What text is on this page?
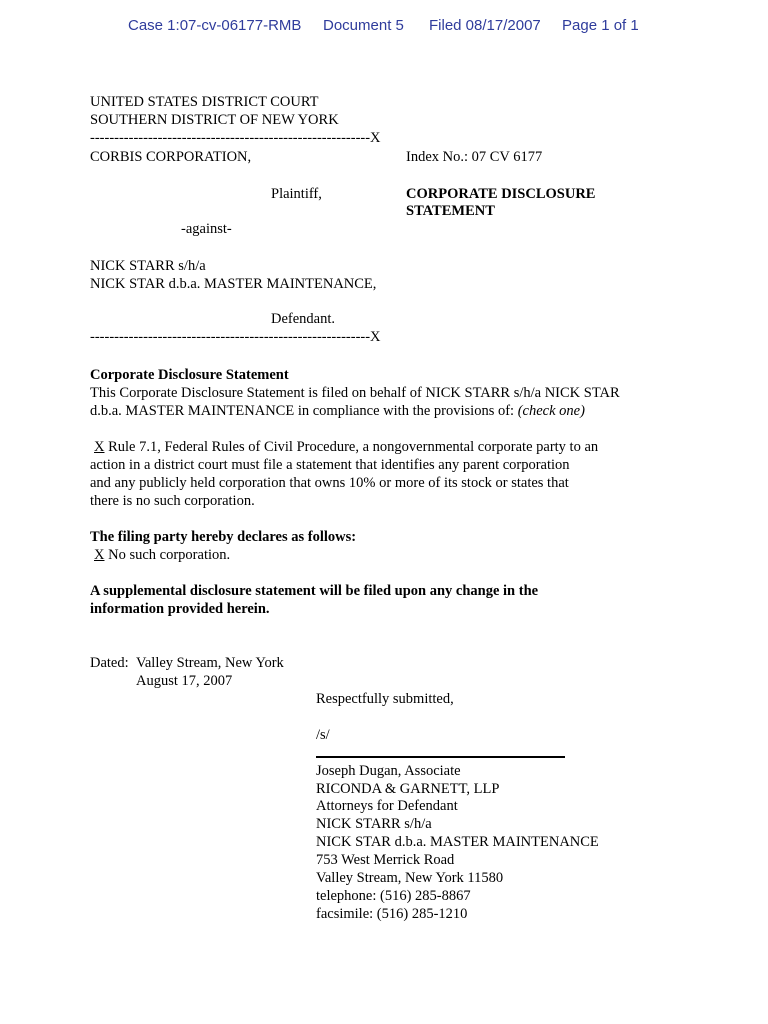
Case 1:07-cv-06177-RMB Document 5 Filed 08/17/2007 Page 1 of 1
UNITED STATES DISTRICT COURT
SOUTHERN DISTRICT OF NEW YORK
----------------------------------------------------------X
CORBIS CORPORATION,	Index No.: 07 CV 6177
Plaintiff,	CORPORATE DISCLOSURE
STATEMENT
-against-
NICK STARR s/h/a
NICK STAR d.b.a. MASTER MAINTENANCE,
Defendant.
----------------------------------------------------------X
Corporate Disclosure Statement
This Corporate Disclosure Statement is filed on behalf of NICK STARR s/h/a NICK STAR
d.b.a. MASTER MAINTENANCE in compliance with the provisions of: (check one)
X Rule 7.1, Federal Rules of Civil Procedure, a nongovernmental corporate party to an
action in a district court must file a statement that identifies any parent corporation
and any publicly held corporation that owns 10% or more of its stock or states that
there is no such corporation.
The filing party hereby declares as follows:
X No such corporation.
A supplemental disclosure statement will be filed upon any change in the
information provided herein.
Dated: Valley Stream, New York
August 17, 2007
Respectfully submitted,
/s/
Joseph Dugan, Associate
RICONDA & GARNETT, LLP
Attorneys for Defendant
NICK STARR s/h/a
NICK STAR d.b.a. MASTER MAINTENANCE
753 West Merrick Road
Valley Stream, New York 11580
telephone: (516) 285-8867
facsimile: (516) 285-1210
